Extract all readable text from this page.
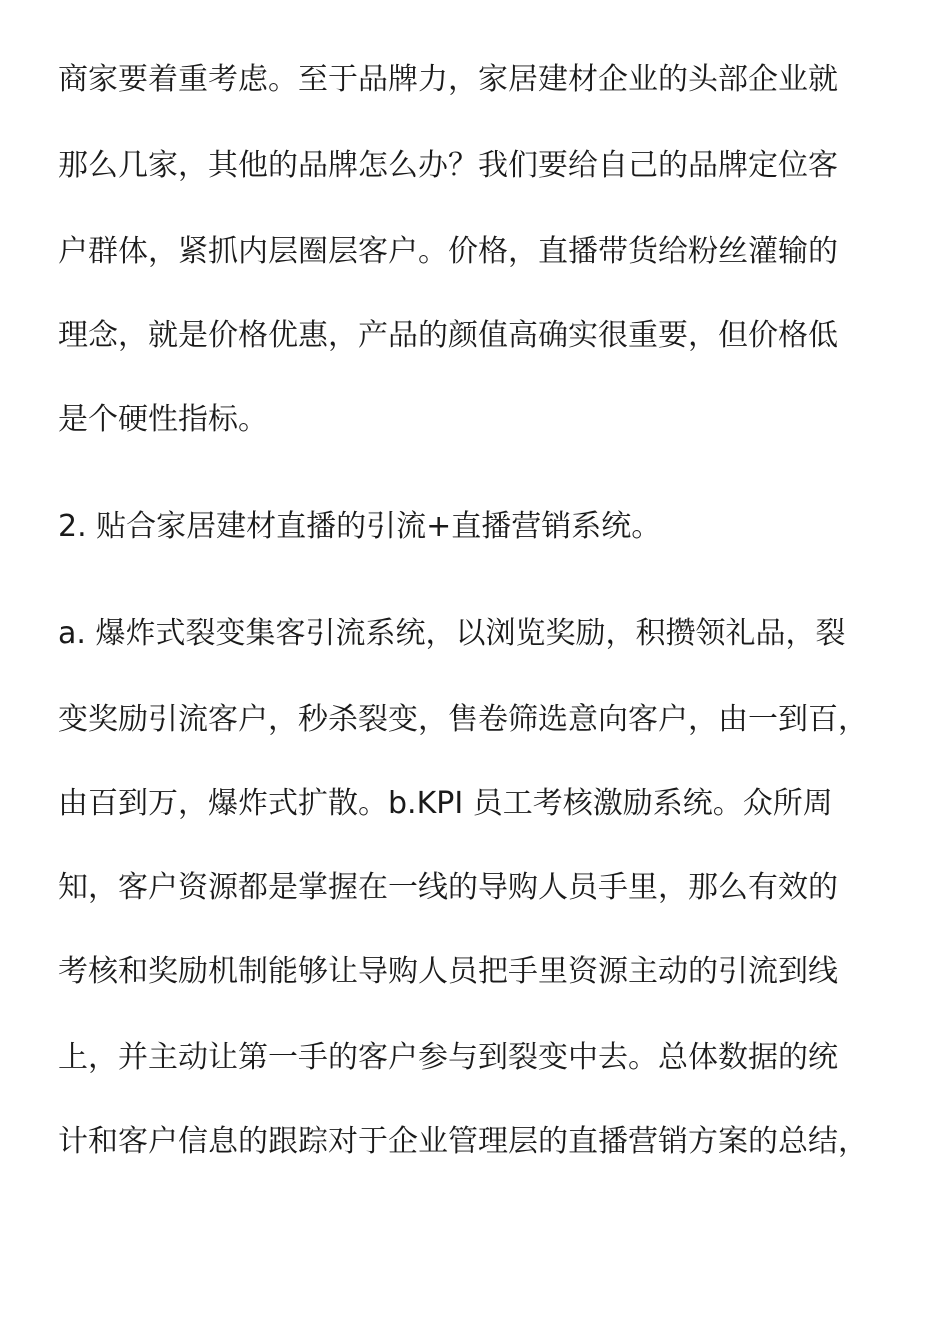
商家要着重考虑。至于品牌力，家居建材企业的头部企业就
那么几家，其他的品牌怎么办？我们要给自己的品牌定位客
户群体，紧抓内层圈层客户。价格，直播带货给粉丝灌输的
理念，就是价格优惠，产品的颜值高确实很重要，但价格低
是个硬性指标。
2. 贴合家居建材直播的引流+直播营销系统。
a. 爆炸式裂变集客引流系统，以浏览奖励，积攒领礼品，裂
变奖励引流客户，秒杀裂变，售卷筛选意向客户，由一到百，
由百到万，爆炸式扩散。b.KPI 员工考核激励系统。众所周
知，客户资源都是掌握在一线的导购人员手里，那么有效的
考核和奖励机制能够让导购人员把手里资源主动的引流到线
上，并主动让第一手的客户参与到裂变中去。总体数据的统
计和客户信息的跟踪对于企业管理层的直播营销方案的总结，
